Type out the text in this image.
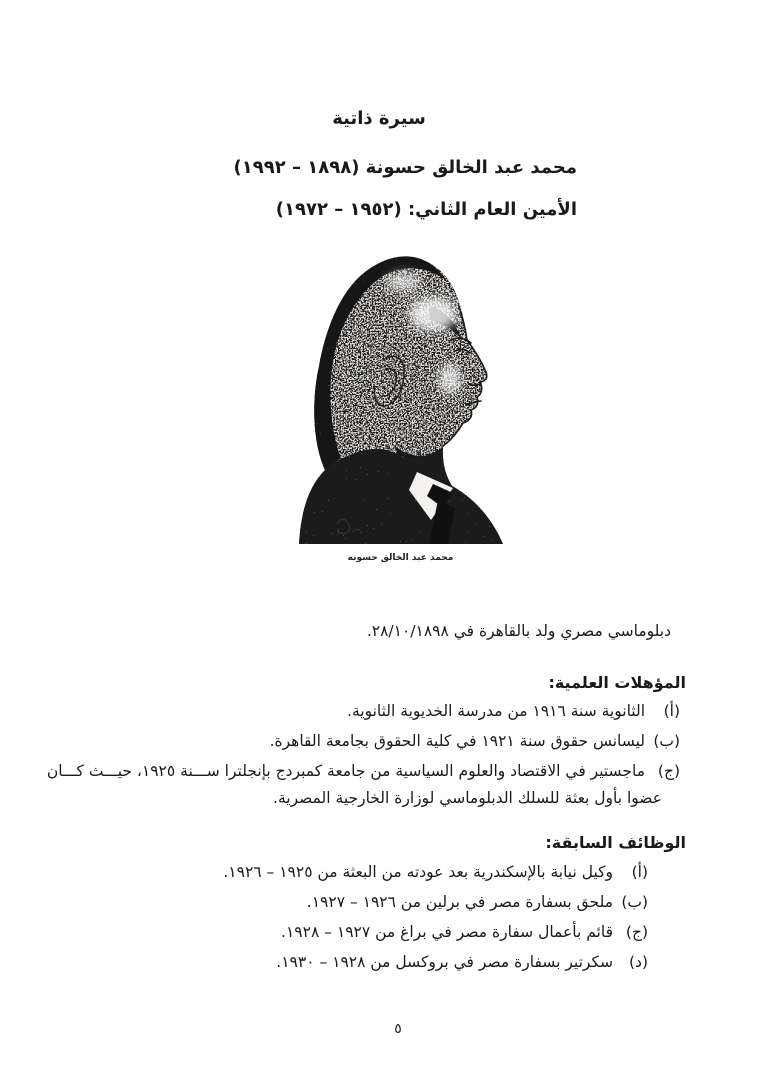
سيرة ذاتية
محمد عبد الخالق حسونة (١٨٩٨ – ١٩٩٢)
الأمين العام الثاني: (١٩٥٢ – ١٩٧٢)
محمد عبد الخالق حسونه

دبلوماسي مصري ولد بالقاهرة في ٢٨/١٠/١٨٩٨.

المؤهلات العلمية:
(أ)الثانوية سنة ١٩١٦ من مدرسة الخديوية الثانوية.
(ب)ليسانس حقوق سنة ١٩٢١ في كلية الحقوق بجامعة القاهرة.
(ج)ماجستير في الاقتصاد والعلوم السياسية من جامعة كمبردج بإنجلترا ســـنة ١٩٢٥، حيـــث كـــان
عضوا بأول بعثة للسلك الدبلوماسي لوزارة الخارجية المصرية.
الوظائف السابقة:
(أ)وكيل نيابة بالإسكندرية بعد عودته من البعثة من ١٩٢٥ – ١٩٢٦.
(ب)ملحق بسفارة مصر في برلين من ١٩٢٦ – ١٩٢٧.
(ج)قائم بأعمال سفارة مصر في براغ من ١٩٢٧ – ١٩٢٨.
(د)سكرتير بسفارة مصر في بروكسل من ١٩٢٨ – ١٩٣٠.
٥
